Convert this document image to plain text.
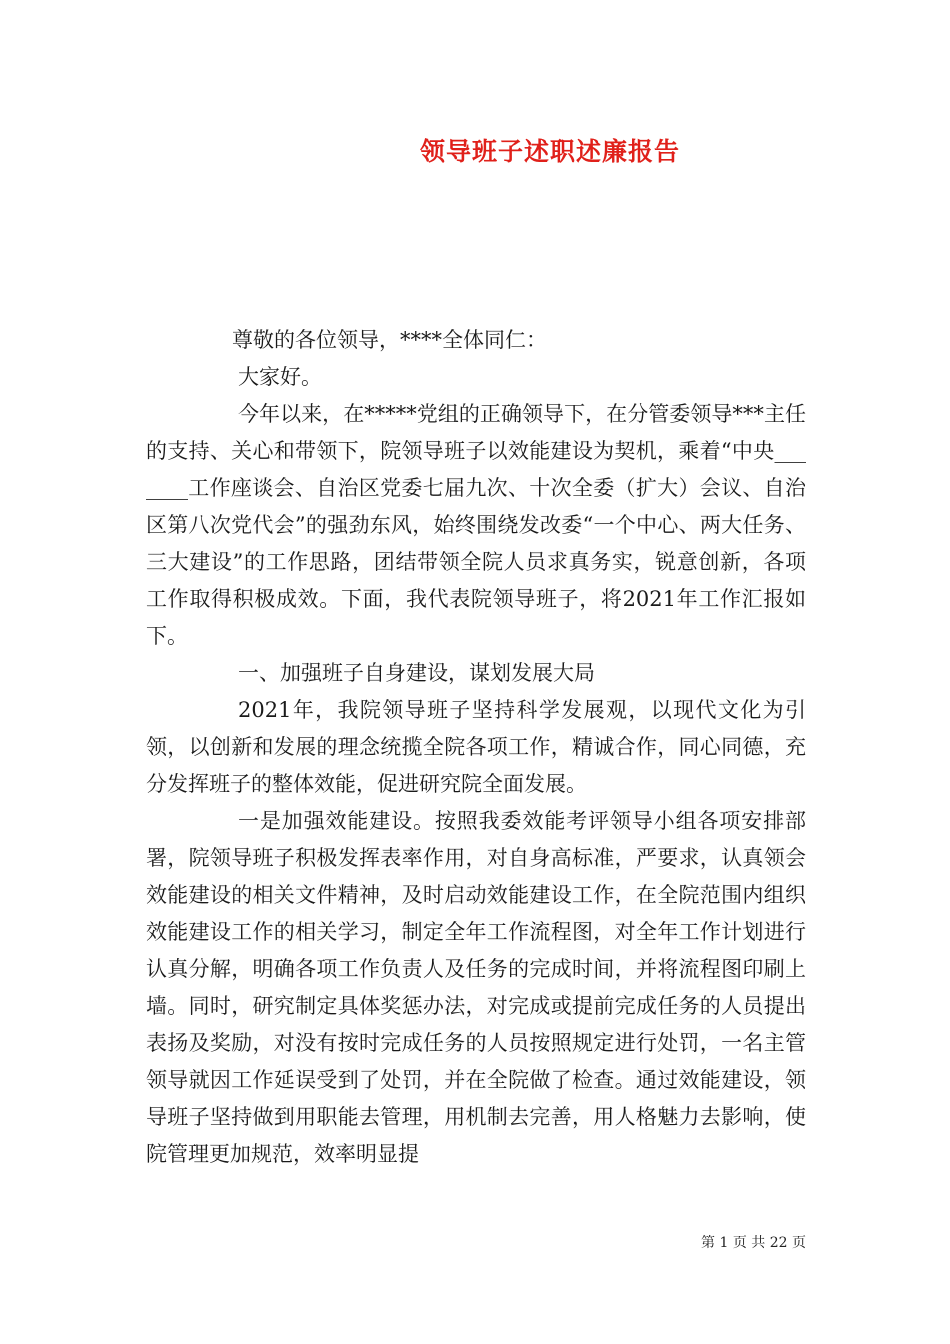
领导班子述职述廉报告

尊敬的各位领导，****全体同仁：

大家好。

今年以来，在*****党组的正确领导下，在分管委领导***主任的支持、关心和带领下，院领导班子以效能建设为契机，乘着“中央_______工作座谈会、自治区党委七届九次、十次全委（扩大）会议、自治区第八次党代会”的强劲东风，始终围绕发改委“一个中心、两大任务、三大建设”的工作思路，团结带领全院人员求真务实，锐意创新，各项工作取得积极成效。下面，我代表院领导班子，将2021年工作汇报如下。

一、加强班子自身建设，谋划发展大局

2021年，我院领导班子坚持科学发展观，以现代文化为引领，以创新和发展的理念统揽全院各项工作，精诚合作，同心同德，充分发挥班子的整体效能，促进研究院全面发展。

一是加强效能建设。按照我委效能考评领导小组各项安排部署，院领导班子积极发挥表率作用，对自身高标准，严要求，认真领会效能建设的相关文件精神，及时启动效能建设工作，在全院范围内组织效能建设工作的相关学习，制定全年工作流程图，对全年工作计划进行认真分解，明确各项工作负责人及任务的完成时间，并将流程图印刷上墙。同时，研究制定具体奖惩办法，对完成或提前完成任务的人员提出表扬及奖励，对没有按时完成任务的人员按照规定进行处罚，一名主管领导就因工作延误受到了处罚，并在全院做了检查。通过效能建设，领导班子坚持做到用职能去管理，用机制去完善，用人格魅力去影响，使院管理更加规范，效率明显提

第 1 页 共 22 页
